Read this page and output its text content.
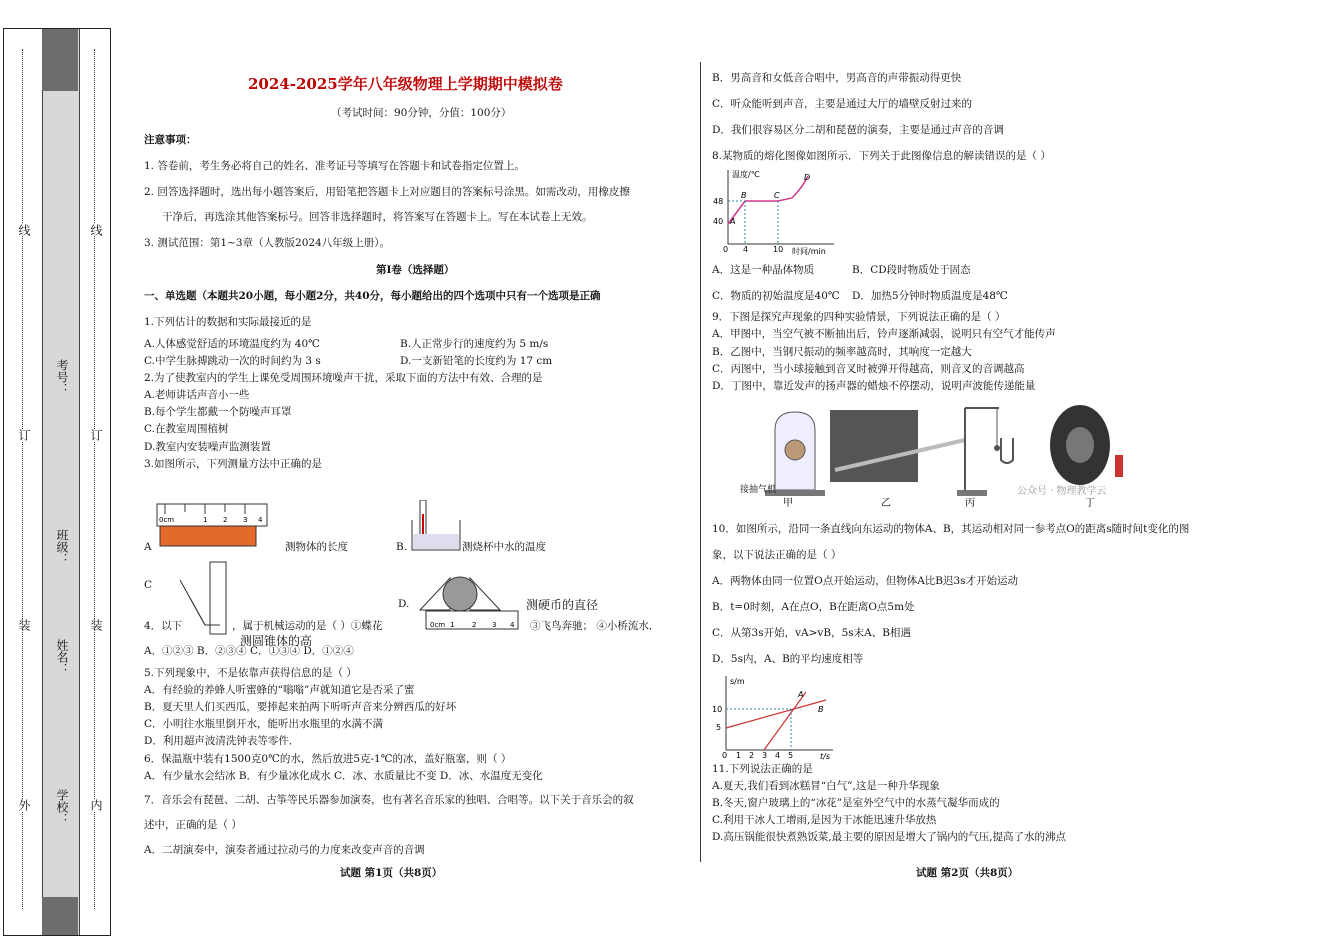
线
订
装
外
线
订
装
内
考号：
班级：
姓名：
学校：
2024-2025学年八年级物理上学期期中模拟卷
（考试时间：90分钟，分值：100分）
注意事项：
1. 答卷前，考生务必将自己的姓名、准考证号等填写在答题卡和试卷指定位置上。
2. 回答选择题时，选出每小题答案后，用铅笔把答题卡上对应题目的答案标号涂黑。如需改动，用橡皮擦
干净后，再选涂其他答案标号。回答非选择题时，将答案写在答题卡上。写在本试卷上无效。
3. 测试范围：第1~3章（人教版2024八年级上册）。
第Ⅰ卷（选择题）
一、单选题（本题共20小题，每小题2分，共40分，每小题给出的四个选项中只有一个选项是正确
1.下列估计的数据和实际最接近的是
A.人体感觉舒适的环境温度约为 40℃	B.人正常步行的速度约为 5 m/s
C.中学生脉搏跳动一次的时间约为 3 s	D.一支新铅笔的长度约为 17 cm
2.为了使教室内的学生上课免受周围环境噪声干扰，采取下面的方法中有效、合理的是
A.老师讲话声音小一些
B.每个学生都戴一个防噪声耳罩
C.在教室周围植树
D.教室内安装噪声监测装置
3.如图所示，下列测量方法中正确的是
0cm	1 2 3 4
0cm 1	2 3 4
A	测物体的长度	B.	测烧杯中水的温度
C
D.	测硬币的直径
4．以下	，属于机械运动的是（ ）①蝶花	③飞鸟奔驰； ④小桥流水．
测圆锥体的高
A．①②③ B．②③④ C．①③④ D．①②④
5.下列现象中，不是依靠声获得信息的是（ ）
A．有经验的养蜂人听蜜蜂的“嗡嗡”声就知道它是否采了蜜
B．夏天里人们买西瓜，要捧起来拍两下听听声音来分辨西瓜的好坏
C．小明往水瓶里倒开水，能听出水瓶里的水满不满
D．利用超声波清洗钟表等零件．
6．保温瓶中装有1500克0℃的水，然后放进5克-1℃的冰，盖好瓶塞，则（ ）
A．有少量水会结冰 B．有少量冰化成水 C．冰、水质量比不变 D．冰、水温度无变化
7．音乐会有琵琶、二胡、古筝等民乐器参加演奏，也有著名音乐家的独唱、合唱等。以下关于音乐会的叙
述中，正确的是（ ）
A．二胡演奏中，演奏者通过拉动弓的力度来改变声音的音调
试题 第1页（共8页）
B．男高音和女低音合唱中，男高音的声带振动得更快
C．听众能听到声音，主要是通过大厅的墙壁反射过来的
D．我们很容易区分二胡和琵琶的演奏，主要是通过声音的音调
8.某物质的熔化图像如图所示．下列关于此图像信息的解读错误的是（ ）
温度/℃
时间/min
48
40
0 4	10
A
B	C
D
A．这是一种晶体物质	B．CD段时物质处于固态
C．物质的初始温度是40℃ D．加热5分钟时物质温度是48℃
9．下图是探究声现象的四种实验情景，下列说法正确的是（ ）
A．甲图中，当空气被不断抽出后，铃声逐渐减弱，说明只有空气才能传声
B．乙图中，当钢尺振动的频率越高时，其响度一定越大
C．丙图中，当小球接触到音叉时被弹开得越高，则音叉的音调越高
D．丁图中，靠近发声的扬声器的蜡烛不停摆动，说明声波能传递能量
接抽气机
甲	乙	丙	丁
公众号 · 物理教学云
10．如图所示，沿同一条直线向东运动的物体A、B，其运动相对同一参考点O的距离s随时间t变化的图
象，以下说法正确的是（ ）
A．两物体由同一位置O点开始运动，但物体A比B迟3s才开始运动
B．t=0时刻，A在点O，B在距离O点5m处
C．从第3s开始，vA>vB，5s末A、B相遇
D．5s内，A、B的平均速度相等
s/m
t/s
10
5
0 1 2 3 4 5
A
B
11.下列说法正确的是
A.夏天,我们看到冰糕冒“白气”,这是一种升华现象
B.冬天,窗户玻璃上的“冰花”是室外空气中的水蒸气凝华而成的
C.利用干冰人工增雨,是因为干冰能迅速升华放热
D.高压锅能很快煮熟饭菜,最主要的原因是增大了锅内的气压,提高了水的沸点
试题 第2页（共8页）
